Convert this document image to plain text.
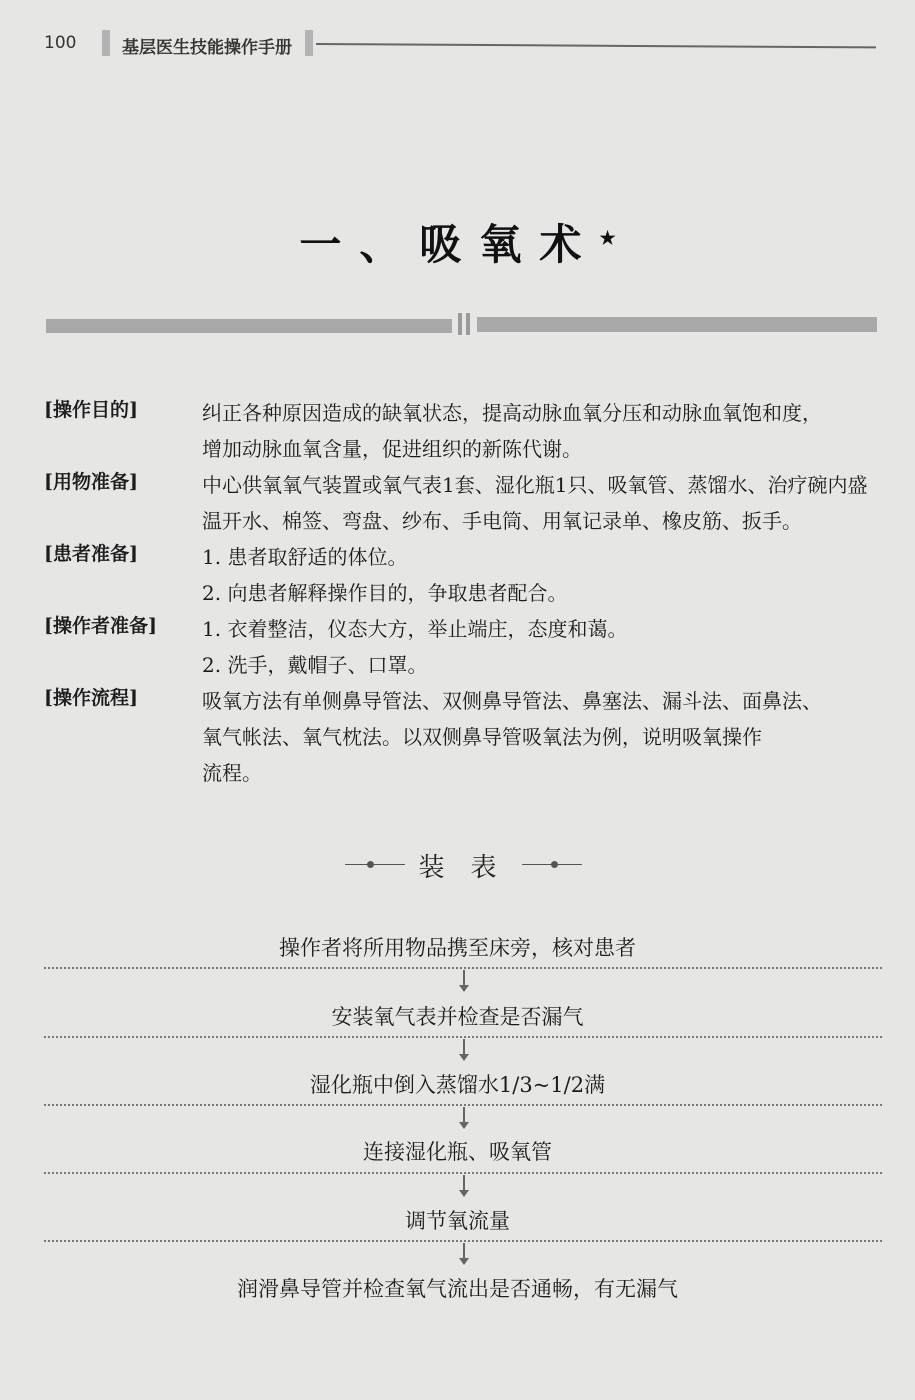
100	基层医生技能操作手册
一、吸氧术★
[操作目的]	纠正各种原因造成的缺氧状态，提高动脉血氧分压和动脉血氧饱和度，

增加动脉血氧含量，促进组织的新陈代谢。

[用物准备]	中心供氧氧气装置或氧气表1套、湿化瓶1只、吸氧管、蒸馏水、治疗碗内盛

温开水、棉签、弯盘、纱布、手电筒、用氧记录单、橡皮筋、扳手。

[患者准备]	1. 患者取舒适的体位。

2. 向患者解释操作目的，争取患者配合。

[操作者准备]	1. 衣着整洁，仪态大方，举止端庄，态度和蔼。

2. 洗手，戴帽子、口罩。

[操作流程]	吸氧方法有单侧鼻导管法、双侧鼻导管法、鼻塞法、漏斗法、面鼻法、

氧气帐法、氧气枕法。以双侧鼻导管吸氧法为例，说明吸氧操作

流程。

装表
操作者将所用物品携至床旁，核对患者
安装氧气表并检查是否漏气
湿化瓶中倒入蒸馏水1/3~1/2满
连接湿化瓶、吸氧管
调节氧流量
润滑鼻导管并检查氧气流出是否通畅，有无漏气
